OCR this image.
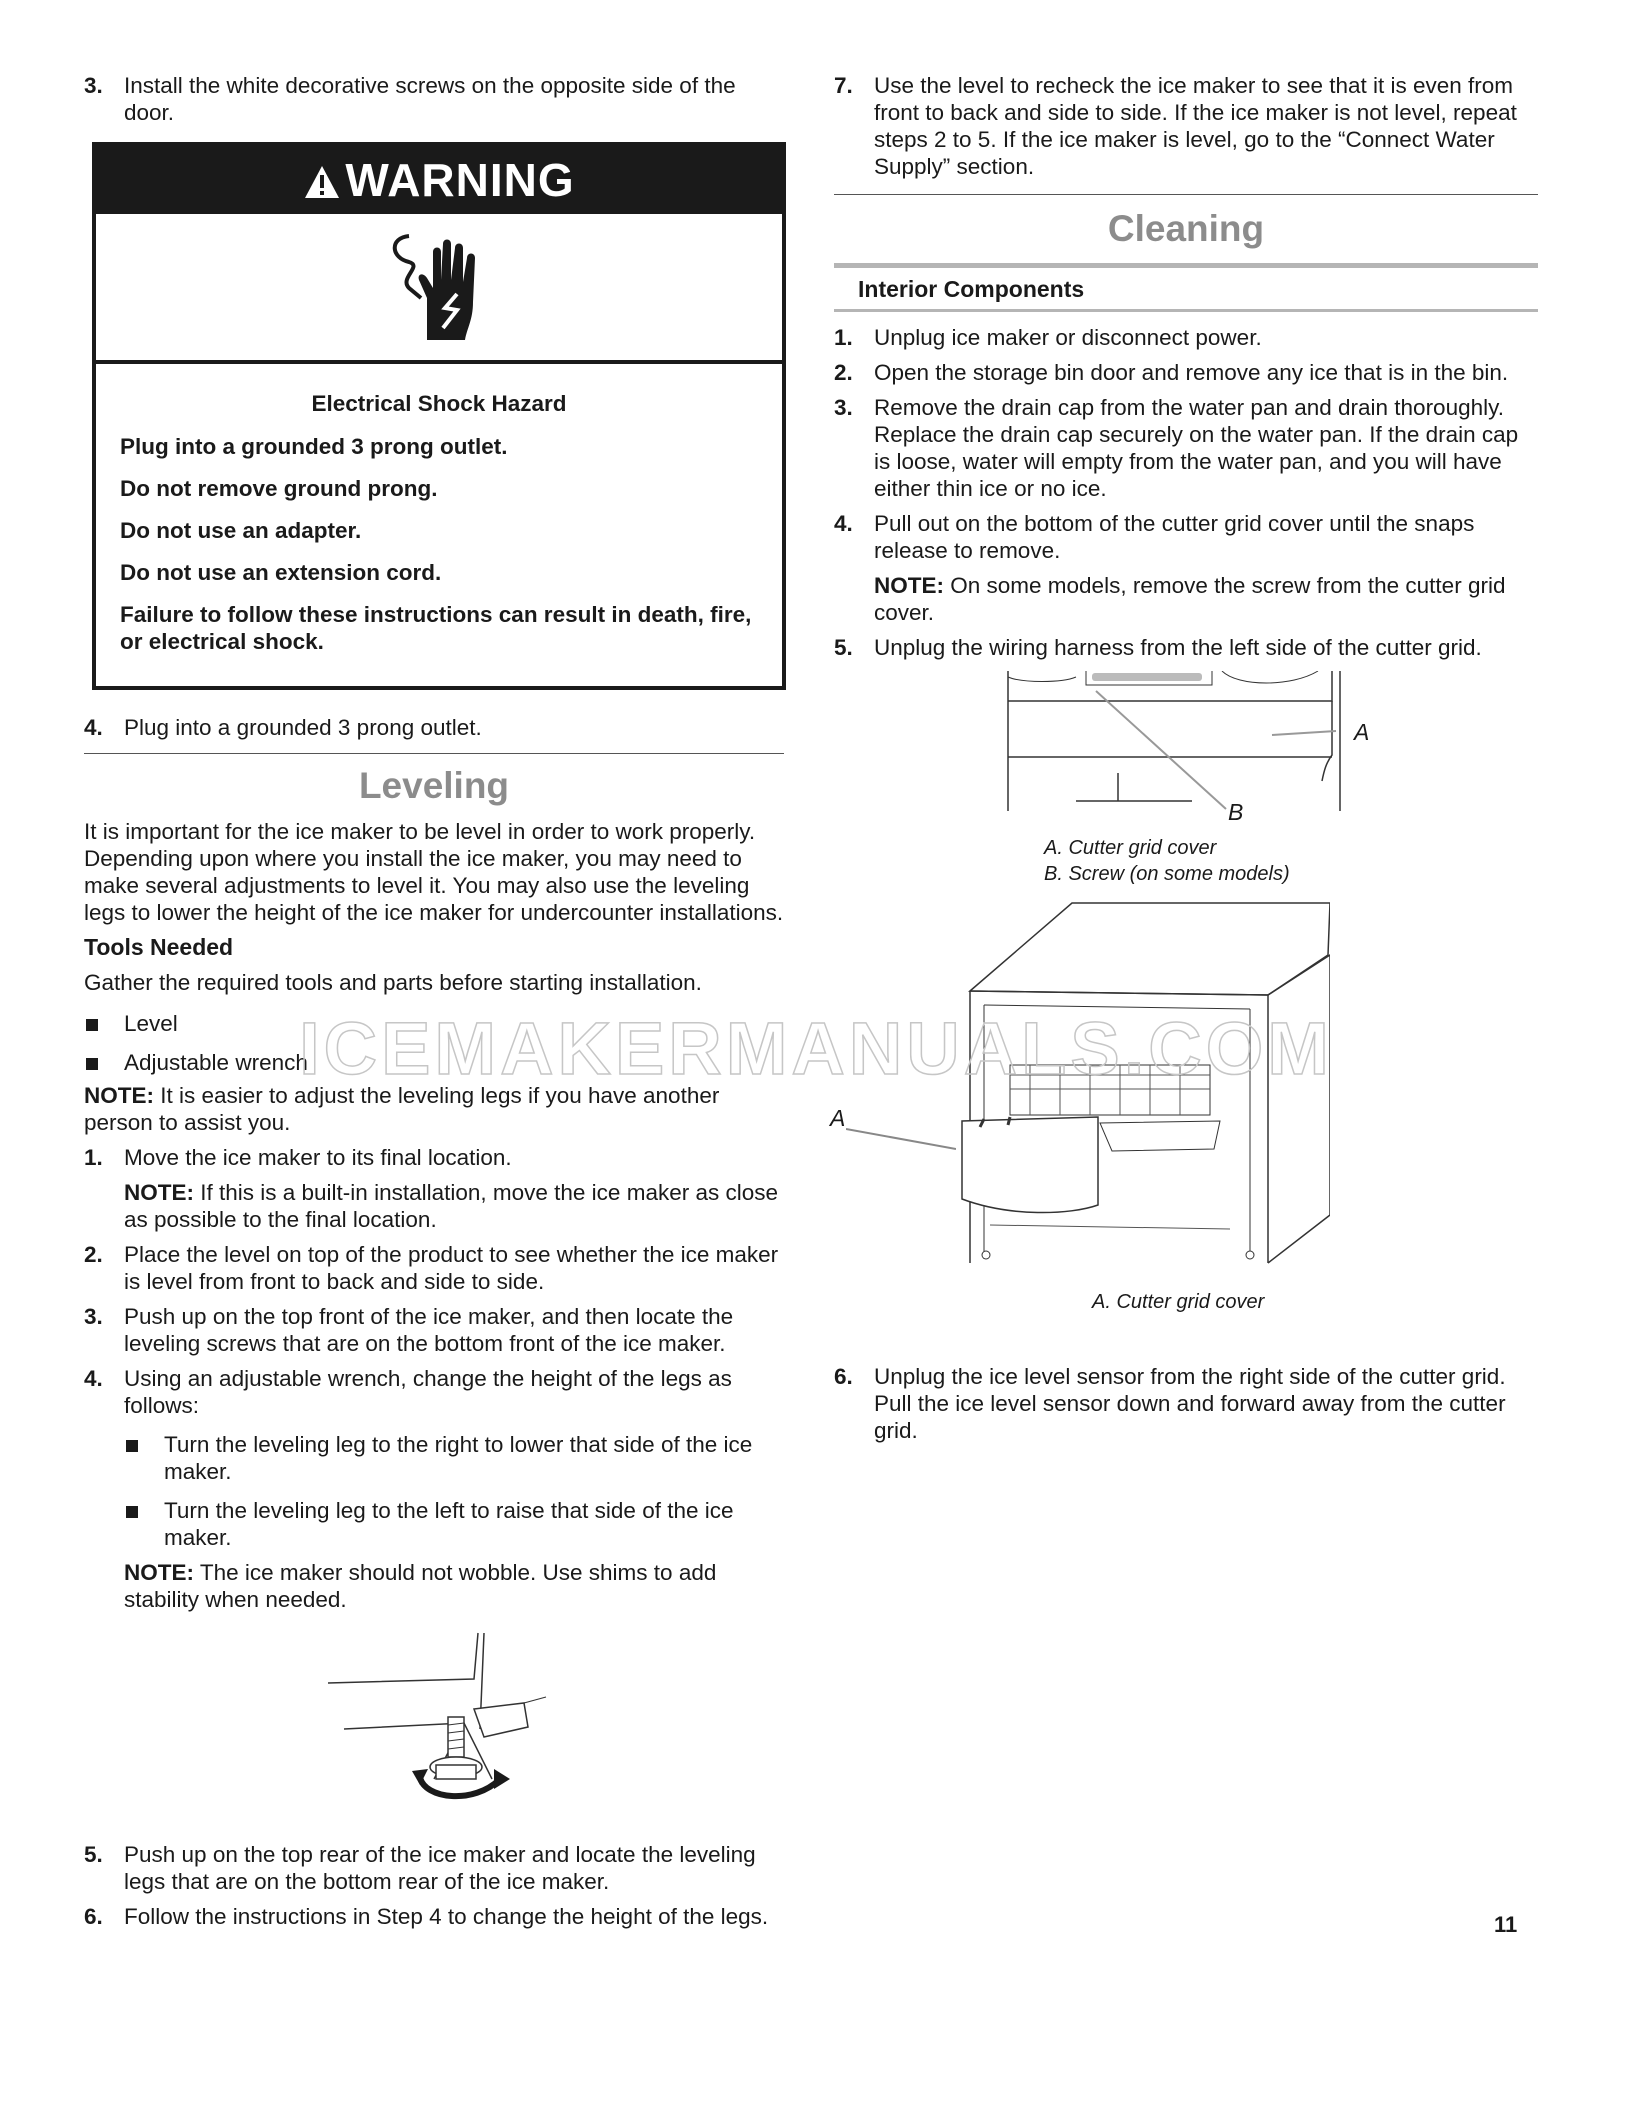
3. Install the white decorative screws on the opposite side of the door.
WARNING
Electrical Shock Hazard
Plug into a grounded 3 prong outlet.
Do not remove ground prong.
Do not use an adapter.
Do not use an extension cord.
Failure to follow these instructions can result in death, fire, or electrical shock.
4. Plug into a grounded 3 prong outlet.
Leveling
It is important for the ice maker to be level in order to work properly. Depending upon where you install the ice maker, you may need to make several adjustments to level it. You may also use the leveling legs to lower the height of the ice maker for undercounter installations.
Tools Needed
Gather the required tools and parts before starting installation.
Level
Adjustable wrench
NOTE: It is easier to adjust the leveling legs if you have another person to assist you.
1. Move the ice maker to its final location.
NOTE: If this is a built-in installation, move the ice maker as close as possible to the final location.
2. Place the level on top of the product to see whether the ice maker is level from front to back and side to side.
3. Push up on the top front of the ice maker, and then locate the leveling screws that are on the bottom front of the ice maker.
4. Using an adjustable wrench, change the height of the legs as follows:
Turn the leveling leg to the right to lower that side of the ice maker.
Turn the leveling leg to the left to raise that side of the ice maker.
NOTE: The ice maker should not wobble. Use shims to add stability when needed.
5. Push up on the top rear of the ice maker and locate the leveling legs that are on the bottom rear of the ice maker.
6. Follow the instructions in Step 4 to change the height of the legs.
7. Use the level to recheck the ice maker to see that it is even from front to back and side to side. If the ice maker is not level, repeat steps 2 to 5. If the ice maker is level, go to the “Connect Water Supply” section.
Cleaning
Interior Components
1. Unplug ice maker or disconnect power.
2. Open the storage bin door and remove any ice that is in the bin.
3. Remove the drain cap from the water pan and drain thoroughly. Replace the drain cap securely on the water pan. If the drain cap is loose, water will empty from the water pan, and you will have either thin ice or no ice.
4. Pull out on the bottom of the cutter grid cover until the snaps release to remove.
NOTE: On some models, remove the screw from the cutter grid cover.
5. Unplug the wiring harness from the left side of the cutter grid.
A
B
A. Cutter grid cover
B. Screw (on some models)
A
A. Cutter grid cover
6. Unplug the ice level sensor from the right side of the cutter grid. Pull the ice level sensor down and forward away from the cutter grid.
ICEMAKERMANUALS.COM
11
